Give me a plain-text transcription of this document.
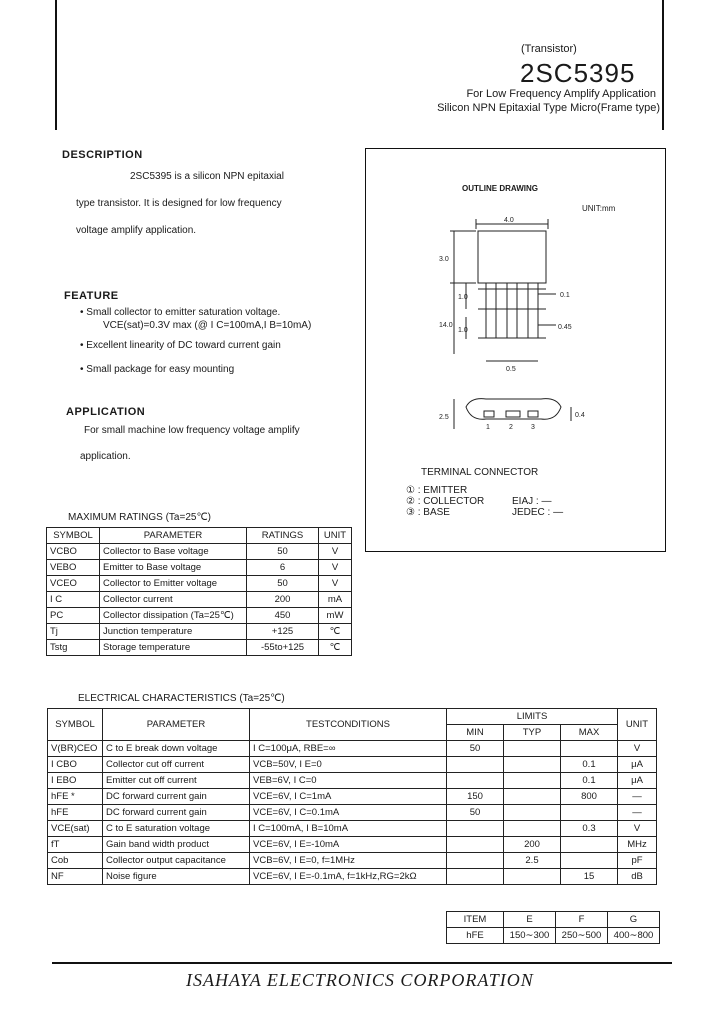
(Transistor)
2SC5395
For Low Frequency Amplify Application
Silicon NPN Epitaxial Type Micro(Frame type)
DESCRIPTION
2SC5395 is a silicon NPN epitaxial
type transistor. It is designed for low frequency
voltage amplify application.
FEATURE
• Small collector to emitter saturation voltage.
VCE(sat)=0.3V max (@ I C=100mA,I B=10mA)
• Excellent linearity of DC toward current gain
• Small package for easy mounting
APPLICATION
For small machine low frequency voltage amplify
application.
OUTLINE DRAWING
UNIT:mm
4.0
3.0
1.0
14.0
1.0
0.1
0.45
0.5
2.5	0.4
1	2	3
TERMINAL CONNECTOR
① : EMITTER
② : COLLECTOR
③ : BASE
EIAJ : —
JEDEC : —
MAXIMUM RATINGS (Ta=25℃)
SYMBOL	PARAMETER	RATINGS	UNIT
VCBO	Collector to Base voltage	50	V
VEBO	Emitter to Base voltage	6	V
VCEO	Collector to Emitter voltage	50	V
I C	Collector current	200	mA
PC	Collector dissipation (Ta=25℃)	450	mW
Tj	Junction temperature	+125	℃
Tstg	Storage temperature	-55to+125	℃
ELECTRICAL CHARACTERISTICS (Ta=25℃)
SYMBOL	PARAMETER	TESTCONDITIONS	LIMITS			UNIT
			MIN	TYP	MAX	
V(BR)CEO	C to E break down voltage	I C=100μA, RBE=∞	50			V
I CBO	Collector cut off current	VCB=50V, I E=0			0.1	μA
I EBO	Emitter cut off current	VEB=6V, I C=0			0.1	μA
hFE *	DC forward current gain	VCE=6V, I C=1mA	150		800	—
hFE	DC forward current gain	VCE=6V, I C=0.1mA	50			—
VCE(sat)	C to E saturation voltage	I C=100mA, I B=10mA			0.3	V
fT	Gain band width product	VCE=6V, I E=-10mA		200		MHz
Cob	Collector output capacitance	VCB=6V, I E=0, f=1MHz		2.5		pF
NF	Noise figure	VCE=6V, I E=-0.1mA, f=1kHz,RG=2kΩ			15	dB
ITEM	E	F	G
hFE	150∼300	250∼500	400∼800
ISAHAYA ELECTRONICS CORPORATION
